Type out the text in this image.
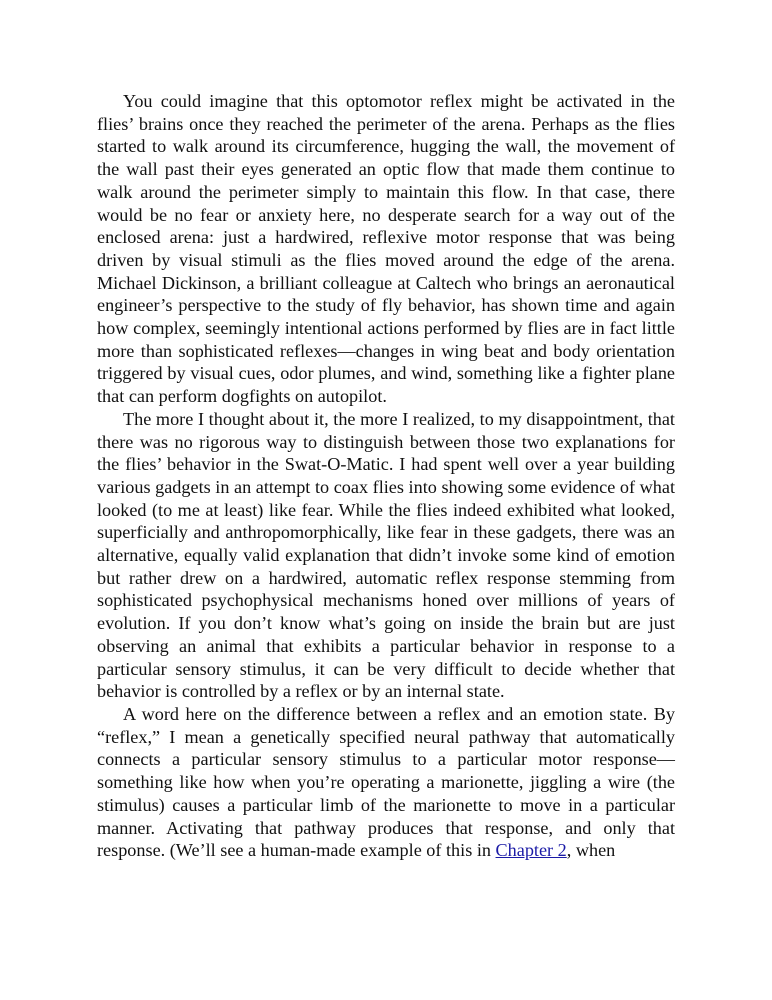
You could imagine that this optomotor reflex might be activated in the flies’ brains once they reached the perimeter of the arena. Perhaps as the flies started to walk around its circumference, hugging the wall, the movement of the wall past their eyes generated an optic flow that made them continue to walk around the perimeter simply to maintain this flow. In that case, there would be no fear or anxiety here, no desperate search for a way out of the enclosed arena: just a hardwired, reflexive motor response that was being driven by visual stimuli as the flies moved around the edge of the arena. Michael Dickinson, a brilliant colleague at Caltech who brings an aeronautical engineer’s perspective to the study of fly behavior, has shown time and again how complex, seemingly intentional actions performed by flies are in fact little more than sophisticated reflexes—changes in wing beat and body orientation triggered by visual cues, odor plumes, and wind, something like a fighter plane that can perform dogfights on autopilot.

The more I thought about it, the more I realized, to my disappointment, that there was no rigorous way to distinguish between those two explanations for the flies’ behavior in the Swat-O-Matic. I had spent well over a year building various gadgets in an attempt to coax flies into showing some evidence of what looked (to me at least) like fear. While the flies indeed exhibited what looked, superficially and anthropomorphically, like fear in these gadgets, there was an alternative, equally valid explanation that didn’t invoke some kind of emotion but rather drew on a hardwired, automatic reflex response stemming from sophisticated psychophysical mechanisms honed over millions of years of evolution. If you don’t know what’s going on inside the brain but are just observing an animal that exhibits a particular behavior in response to a particular sensory stimulus, it can be very difficult to decide whether that behavior is controlled by a reflex or by an internal state.

A word here on the difference between a reflex and an emotion state. By “reflex,” I mean a genetically specified neural pathway that automatically connects a particular sensory stimulus to a particular motor response—something like how when you’re operating a marionette, jiggling a wire (the stimulus) causes a particular limb of the marionette to move in a particular manner. Activating that pathway produces that response, and only that response. (We’ll see a human-made example of this in Chapter 2, when
